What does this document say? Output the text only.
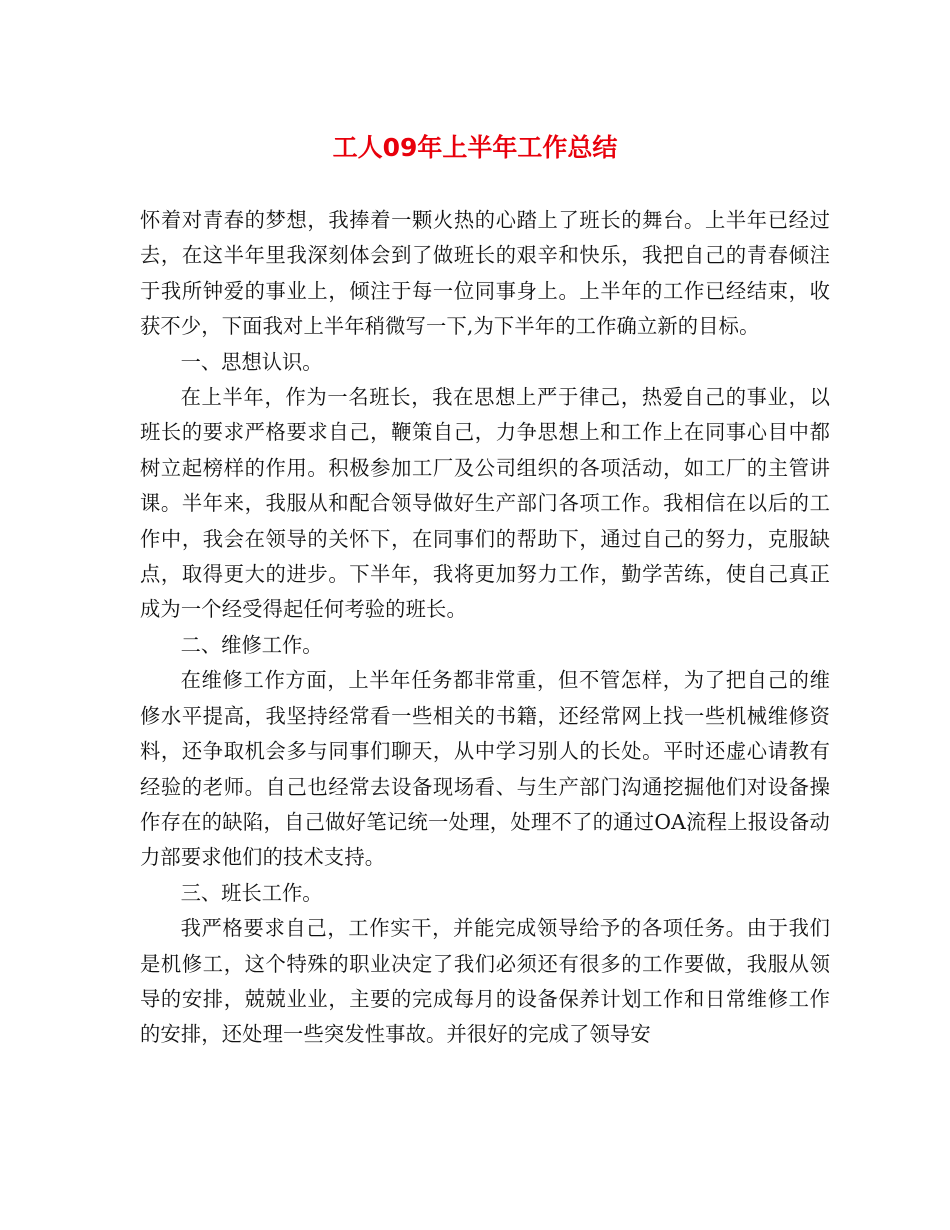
工人09年上半年工作总结

怀着对青春的梦想，我捧着一颗火热的心踏上了班长的舞台。上半年已经过去，在这半年里我深刻体会到了做班长的艰辛和快乐，我把自己的青春倾注于我所钟爱的事业上，倾注于每一位同事身上。上半年的工作已经结束，收获不少，下面我对上半年稍微写一下,为下半年的工作确立新的目标。

一、思想认识。

在上半年，作为一名班长，我在思想上严于律己，热爱自己的事业，以班长的要求严格要求自己，鞭策自己，力争思想上和工作上在同事心目中都树立起榜样的作用。积极参加工厂及公司组织的各项活动，如工厂的主管讲课。半年来，我服从和配合领导做好生产部门各项工作。我相信在以后的工作中，我会在领导的关怀下，在同事们的帮助下，通过自己的努力，克服缺点，取得更大的进步。下半年，我将更加努力工作，勤学苦练，使自己真正成为一个经受得起任何考验的班长。

二、维修工作。

在维修工作方面，上半年任务都非常重，但不管怎样，为了把自己的维修水平提高，我坚持经常看一些相关的书籍，还经常网上找一些机械维修资料，还争取机会多与同事们聊天，从中学习别人的长处。平时还虚心请教有经验的老师。自己也经常去设备现场看、与生产部门沟通挖掘他们对设备操作存在的缺陷，自己做好笔记统一处理，处理不了的通过OA流程上报设备动力部要求他们的技术支持。

三、班长工作。

我严格要求自己，工作实干，并能完成领导给予的各项任务。由于我们是机修工，这个特殊的职业决定了我们必须还有很多的工作要做，我服从领导的安排，兢兢业业，主要的完成每月的设备保养计划工作和日常维修工作的安排，还处理一些突发性事故。并很好的完成了领导安
